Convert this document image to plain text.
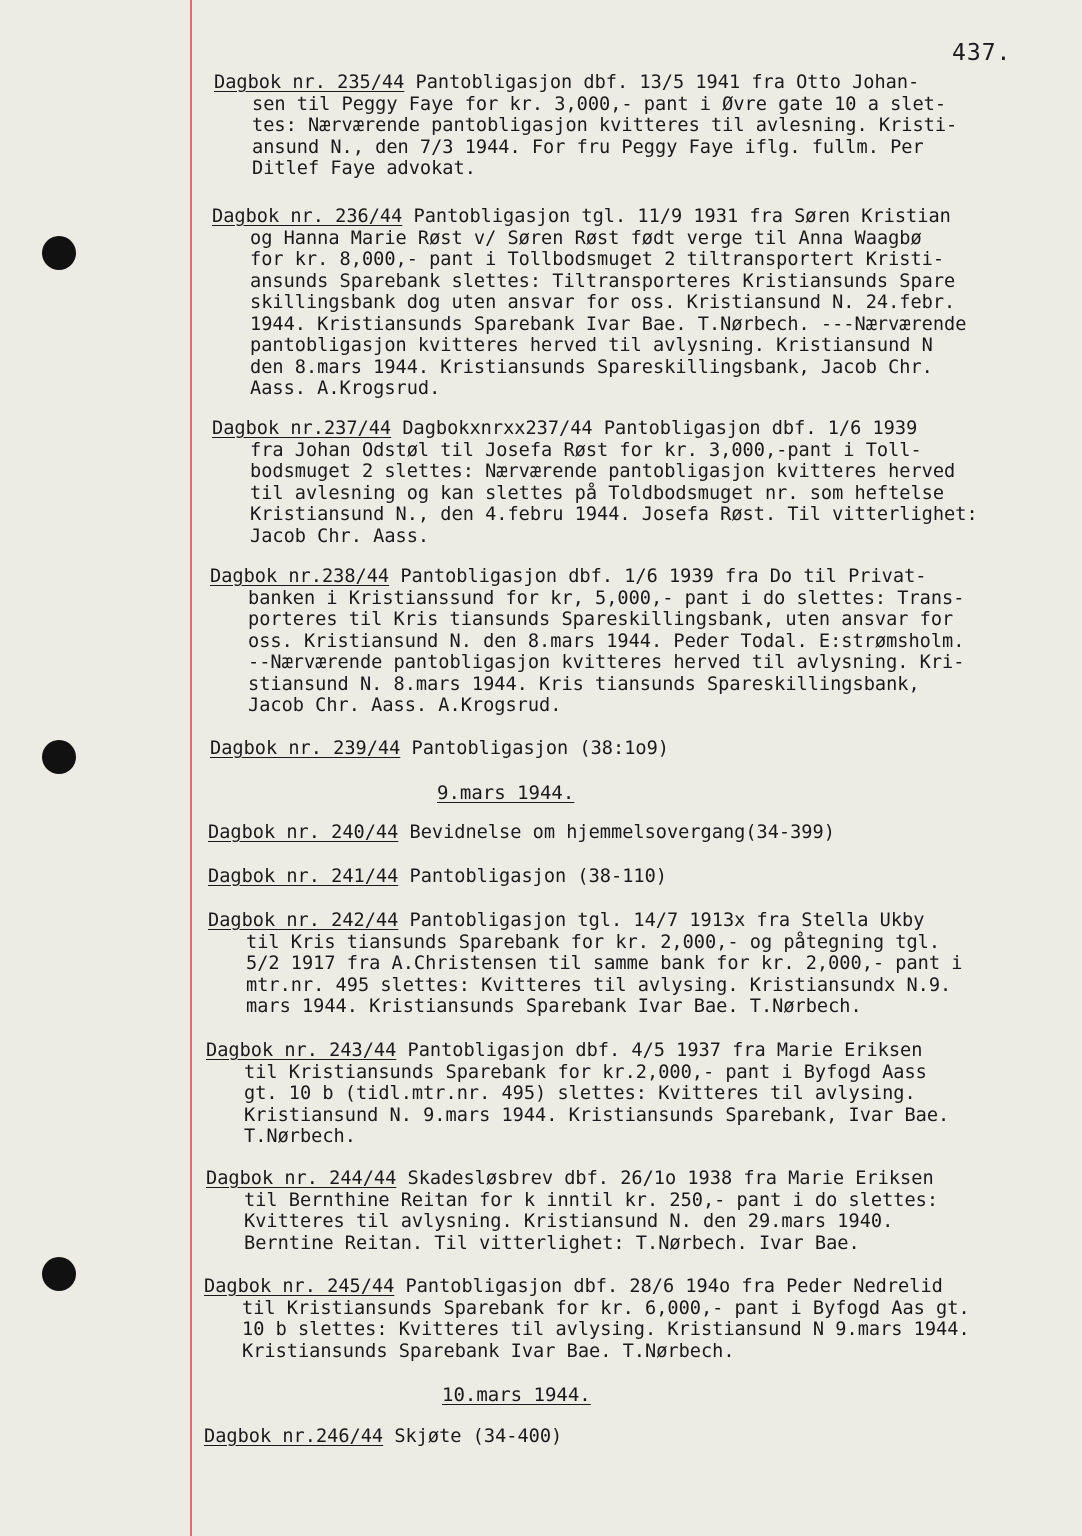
437.
Dagbok nr. 235/44 Pantobligasjon dbf. 13/5 1941 fra Otto Johan-
sen til Peggy Faye for kr. 3,000,- pant i Øvre gate 10 a slet-
tes: Nærværende pantobligasjon kvitteres til avlesning. Kristi-
ansund N., den 7/3 1944. For fru Peggy Faye iflg. fullm. Per
Ditlef Faye advokat.
Dagbok nr. 236/44 Pantobligasjon tgl. 11/9 1931 fra Søren Kristian
og Hanna Marie Røst v/ Søren Røst født verge til Anna Waagbø
for kr. 8,000,- pant i Tollbodsmuget 2 tiltransportert Kristi-
ansunds Sparebank slettes: Tiltransporteres Kristiansunds Spare
skillingsbank dog uten ansvar for oss. Kristiansund N. 24.febr.
1944. Kristiansunds Sparebank Ivar Bae. T.Nørbech. ---Nærværende
pantobligasjon kvitteres herved til avlysning. Kristiansund N
den 8.mars 1944. Kristiansunds Spareskillingsbank, Jacob Chr.
Aass. A.Krogsrud.
Dagbok nr.237/44 Dagbokxnrxx237/44 Pantobligasjon dbf. 1/6 1939
fra Johan Odstøl til Josefa Røst for kr. 3,000,-pant i Toll-
bodsmuget 2 slettes: Nærværende pantobligasjon kvitteres herved
til avlesning og kan slettes på Toldbodsmuget nr. som heftelse
Kristiansund N., den 4.febru 1944. Josefa Røst. Til vitterlighet:
Jacob Chr. Aass.
Dagbok nr.238/44 Pantobligasjon dbf. 1/6 1939 fra Do til Privat-
banken i Kristianssund for kr, 5,000,- pant i do slettes: Trans-
porteres til Kris tiansunds Spareskillingsbank, uten ansvar for
oss. Kristiansund N. den 8.mars 1944. Peder Todal. E:strømsholm.
--Nærværende pantobligasjon kvitteres herved til avlysning. Kri-
stiansund N. 8.mars 1944. Kris tiansunds Spareskillingsbank,
Jacob Chr. Aass. A.Krogsrud.
Dagbok nr. 239/44 Pantobligasjon (38:1o9)
9.mars 1944.
Dagbok nr. 240/44 Bevidnelse om hjemmelsovergang(34-399)
Dagbok nr. 241/44 Pantobligasjon (38-110)
Dagbok nr. 242/44 Pantobligasjon tgl. 14/7 1913x fra Stella Ukby
til Kris tiansunds Sparebank for kr. 2,000,- og påtegning tgl.
5/2 1917 fra A.Christensen til samme bank for kr. 2,000,- pant i
mtr.nr. 495 slettes: Kvitteres til avlysing. Kristiansundx N.9.
mars 1944. Kristiansunds Sparebank Ivar Bae. T.Nørbech.
Dagbok nr. 243/44 Pantobligasjon dbf. 4/5 1937 fra Marie Eriksen
til Kristiansunds Sparebank for kr.2,000,- pant i Byfogd Aass
gt. 10 b (tidl.mtr.nr. 495) slettes: Kvitteres til avlysing.
Kristiansund N. 9.mars 1944. Kristiansunds Sparebank, Ivar Bae.
T.Nørbech.
Dagbok nr. 244/44 Skadesløsbrev dbf. 26/1o 1938 fra Marie Eriksen
til Bernthine Reitan for k inntil kr. 250,- pant i do slettes:
Kvitteres til avlysning. Kristiansund N. den 29.mars 1940.
Berntine Reitan. Til vitterlighet: T.Nørbech. Ivar Bae.
Dagbok nr. 245/44 Pantobligasjon dbf. 28/6 194o fra Peder Nedrelid
til Kristiansunds Sparebank for kr. 6,000,- pant i Byfogd Aas gt.
10 b slettes: Kvitteres til avlysing. Kristiansund N 9.mars 1944.
Kristiansunds Sparebank Ivar Bae. T.Nørbech.
10.mars 1944.
Dagbok nr.246/44 Skjøte (34-400)
